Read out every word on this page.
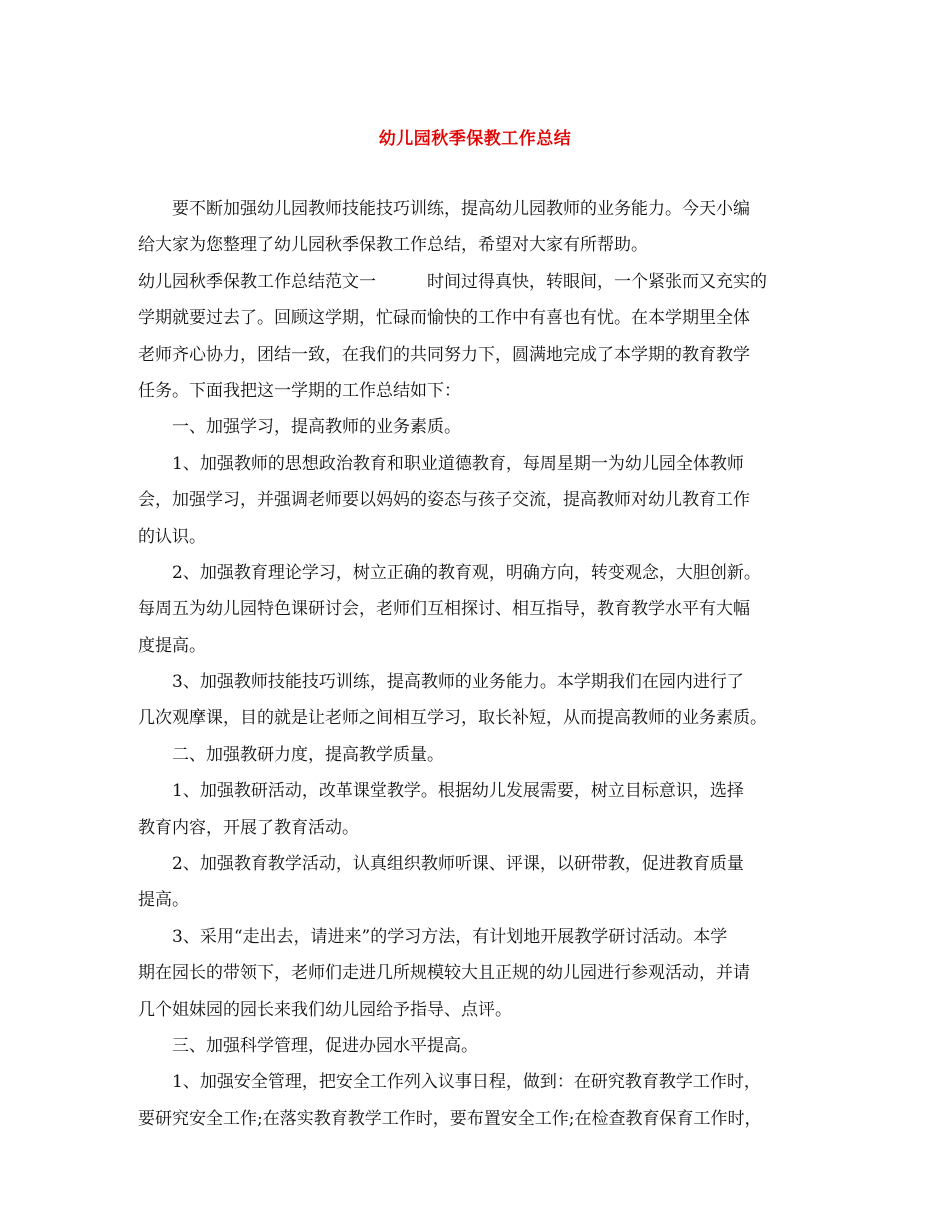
幼儿园秋季保教工作总结
要不断加强幼儿园教师技能技巧训练，提高幼儿园教师的业务能力。今天小编
给大家为您整理了幼儿园秋季保教工作总结，希望对大家有所帮助。
幼儿园秋季保教工作总结范文一　　　时间过得真快，转眼间，一个紧张而又充实的
学期就要过去了。回顾这学期，忙碌而愉快的工作中有喜也有忧。在本学期里全体
老师齐心协力，团结一致，在我们的共同努力下，圆满地完成了本学期的教育教学
任务。下面我把这一学期的工作总结如下：
一、加强学习，提高教师的业务素质。
1、加强教师的思想政治教育和职业道德教育，每周星期一为幼儿园全体教师
会，加强学习，并强调老师要以妈妈的姿态与孩子交流，提高教师对幼儿教育工作
的认识。
2、加强教育理论学习，树立正确的教育观，明确方向，转变观念，大胆创新。
每周五为幼儿园特色课研讨会，老师们互相探讨、相互指导，教育教学水平有大幅
度提高。
3、加强教师技能技巧训练，提高教师的业务能力。本学期我们在园内进行了
几次观摩课，目的就是让老师之间相互学习，取长补短，从而提高教师的业务素质。
二、加强教研力度，提高教学质量。
1、加强教研活动，改革课堂教学。根据幼儿发展需要，树立目标意识，选择
教育内容，开展了教育活动。
2、加强教育教学活动，认真组织教师听课、评课，以研带教，促进教育质量
提高。
3、采用“走出去，请进来”的学习方法，有计划地开展教学研讨活动。本学
期在园长的带领下，老师们走进几所规模较大且正规的幼儿园进行参观活动，并请
几个姐妹园的园长来我们幼儿园给予指导、点评。
三、加强科学管理，促进办园水平提高。
1、加强安全管理，把安全工作列入议事日程，做到：在研究教育教学工作时，
要研究安全工作;在落实教育教学工作时，要布置安全工作;在检查教育保育工作时，
